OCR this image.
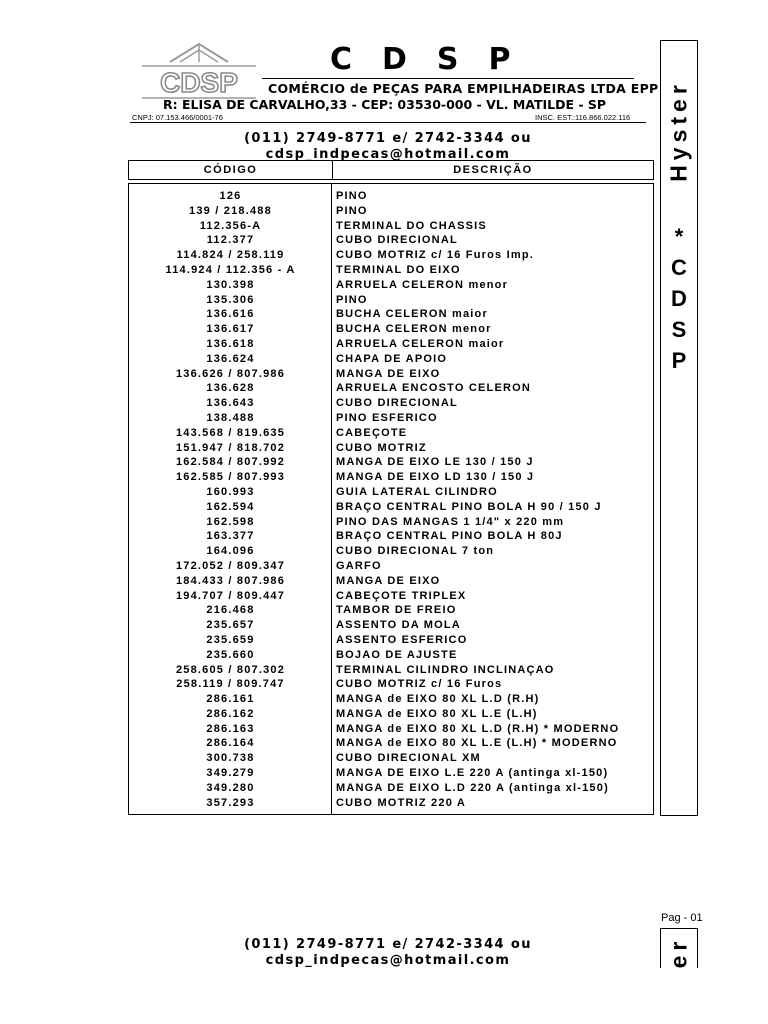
CDSP
CDSP
COMÉRCIO de PEÇAS PARA EMPILHADEIRAS LTDA EPP
R: ELISA DE CARVALHO,33 - CEP: 03530-000 - VL. MATILDE - SP
CNPJ: 07.153.466/0001-76	INSC. EST.:116.866.022.116
(011) 2749-8771 e/ 2742-3344 ou cdsp_indpecas@hotmail.com
CÓDIGO	DESCRIÇÃO
126	PINO
139 / 218.488	PINO
112.356-A	TERMINAL DO CHASSIS
112.377	CUBO DIRECIONAL
114.824 / 258.119	CUBO MOTRIZ c/ 16 Furos Imp.
114.924 / 112.356 - A	TERMINAL DO EIXO
130.398	ARRUELA CELERON menor
135.306	PINO
136.616	BUCHA CELERON maior
136.617	BUCHA CELERON menor
136.618	ARRUELA CELERON maior
136.624	CHAPA DE APOIO
136.626 / 807.986	MANGA DE EIXO
136.628	ARRUELA ENCOSTO CELERON
136.643	CUBO DIRECIONAL
138.488	PINO ESFERICO
143.568 / 819.635	CABEÇOTE
151.947 / 818.702	CUBO MOTRIZ
162.584 / 807.992	MANGA DE EIXO LE 130 / 150 J
162.585 / 807.993	MANGA DE EIXO LD 130 / 150 J
160.993	GUIA LATERAL CILINDRO
162.594	BRAÇO CENTRAL PINO BOLA H 90 / 150 J
162.598	PINO DAS MANGAS 1 1/4" x 220 mm
163.377	BRAÇO CENTRAL PINO BOLA H 80J
164.096	CUBO DIRECIONAL 7 ton
172.052 / 809.347	GARFO
184.433 / 807.986	MANGA DE EIXO
194.707 / 809.447	CABEÇOTE TRIPLEX
216.468	TAMBOR DE FREIO
235.657	ASSENTO DA MOLA
235.659	ASSENTO ESFERICO
235.660	BOJAO DE AJUSTE
258.605 / 807.302	TERMINAL CILINDRO INCLINAÇAO
258.119 / 809.747	CUBO MOTRIZ c/ 16 Furos
286.161	MANGA de EIXO 80 XL L.D (R.H)
286.162	MANGA de EIXO 80 XL L.E (L.H)
286.163	MANGA de EIXO 80 XL L.D (R.H) * MODERNO
286.164	MANGA de EIXO 80 XL L.E (L.H) * MODERNO
300.738	CUBO DIRECIONAL XM
349.279	MANGA DE EIXO L.E 220 A (antinga xl-150)
349.280	MANGA DE EIXO L.D 220 A (antinga xl-150)
357.293	CUBO MOTRIZ 220 A
Hyster
*
C
D
S
P
Pag - 01
er
(011) 2749-8771 e/ 2742-3344 ou cdsp_indpecas@hotmail.com
